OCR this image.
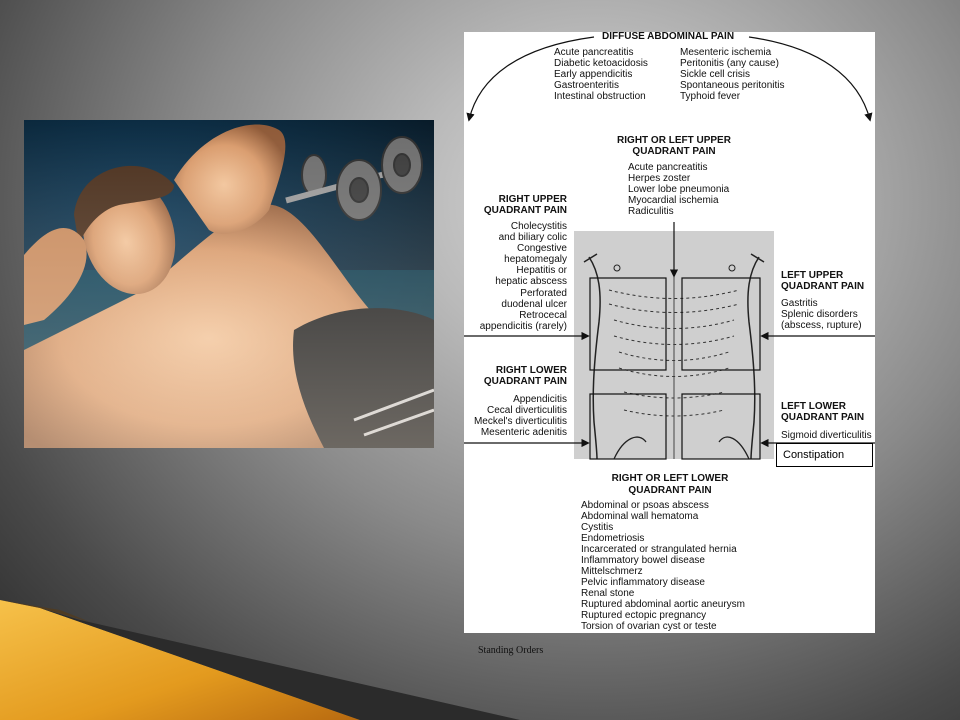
DIFFUSE ABDOMINAL PAIN
Acute pancreatitis
Diabetic ketoacidosis
Early appendicitis
Gastroenteritis
Intestinal obstruction
Mesenteric ischemia
Peritonitis (any cause)
Sickle cell crisis
Spontaneous peritonitis
Typhoid fever
RIGHT OR LEFT UPPER
QUADRANT PAIN
Acute pancreatitis
Herpes zoster
Lower lobe pneumonia
Myocardial ischemia
Radiculitis
RIGHT UPPER
QUADRANT PAIN
Cholecystitis
and biliary colic
Congestive
hepatomegaly
Hepatitis or
hepatic abscess
Perforated
duodenal ulcer
Retrocecal
appendicitis (rarely)
LEFT UPPER
QUADRANT PAIN
Gastritis
Splenic disorders
(abscess, rupture)
RIGHT LOWER
QUADRANT PAIN
Appendicitis
Cecal diverticulitis
Meckel's diverticulitis
Mesenteric adenitis
LEFT LOWER
QUADRANT PAIN
Sigmoid diverticulitis
Constipation
RIGHT OR LEFT LOWER
QUADRANT PAIN
Abdominal or psoas abscess
Abdominal wall hematoma
Cystitis
Endometriosis
Incarcerated or strangulated hernia
Inflammatory bowel disease
Mittelschmerz
Pelvic inflammatory disease
Renal stone
Ruptured abdominal aortic aneurysm
Ruptured ectopic pregnancy
Torsion of ovarian cyst or teste
Standing Orders
